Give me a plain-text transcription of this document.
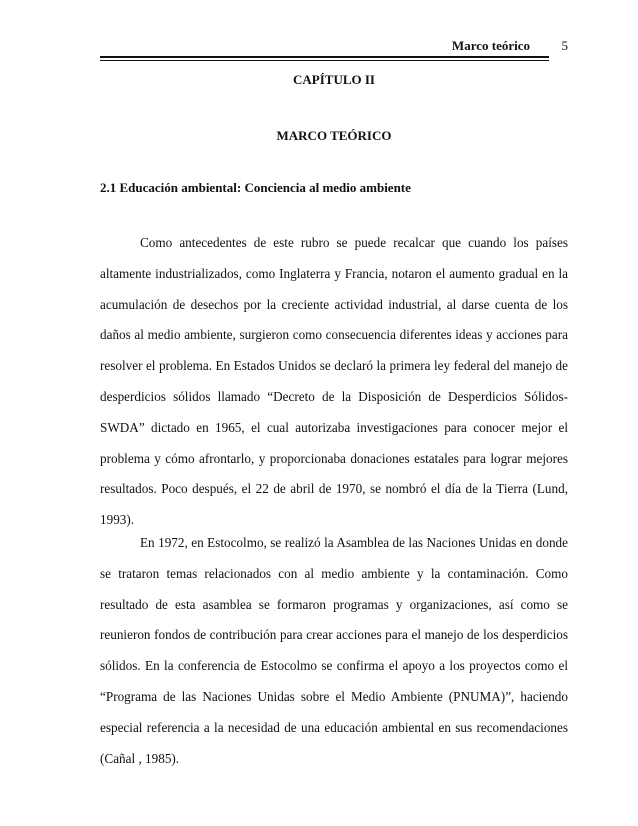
Marco teórico 5
CAPÍTULO II
MARCO TEÓRICO
2.1 Educación ambiental: Conciencia al medio ambiente

Como antecedentes de este rubro se puede recalcar que cuando los países altamente industrializados, como Inglaterra y Francia, notaron el aumento gradual en la acumulación de desechos por la creciente actividad industrial, al darse cuenta de los daños al medio ambiente, surgieron como consecuencia diferentes ideas y acciones para resolver el problema. En Estados Unidos se declaró la primera ley federal del manejo de desperdicios sólidos llamado “Decreto de la Disposición de Desperdicios Sólidos- SWDA” dictado en 1965, el cual autorizaba investigaciones para conocer mejor el problema y cómo afrontarlo, y proporcionaba donaciones estatales para lograr mejores resultados. Poco después, el 22 de abril de 1970, se nombró el día de la Tierra (Lund, 1993).

En 1972, en Estocolmo, se realizó la Asamblea de las Naciones Unidas en donde se trataron temas relacionados con al medio ambiente y la contaminación. Como resultado de esta asamblea se formaron programas y organizaciones, así como se reunieron fondos de contribución para crear acciones para el manejo de los desperdicios sólidos. En la conferencia de Estocolmo se confirma el apoyo a los proyectos como el “Programa de las Naciones Unidas sobre el Medio Ambiente (PNUMA)”, haciendo especial referencia a la necesidad de una educación ambiental en sus recomendaciones (Cañal , 1985).
